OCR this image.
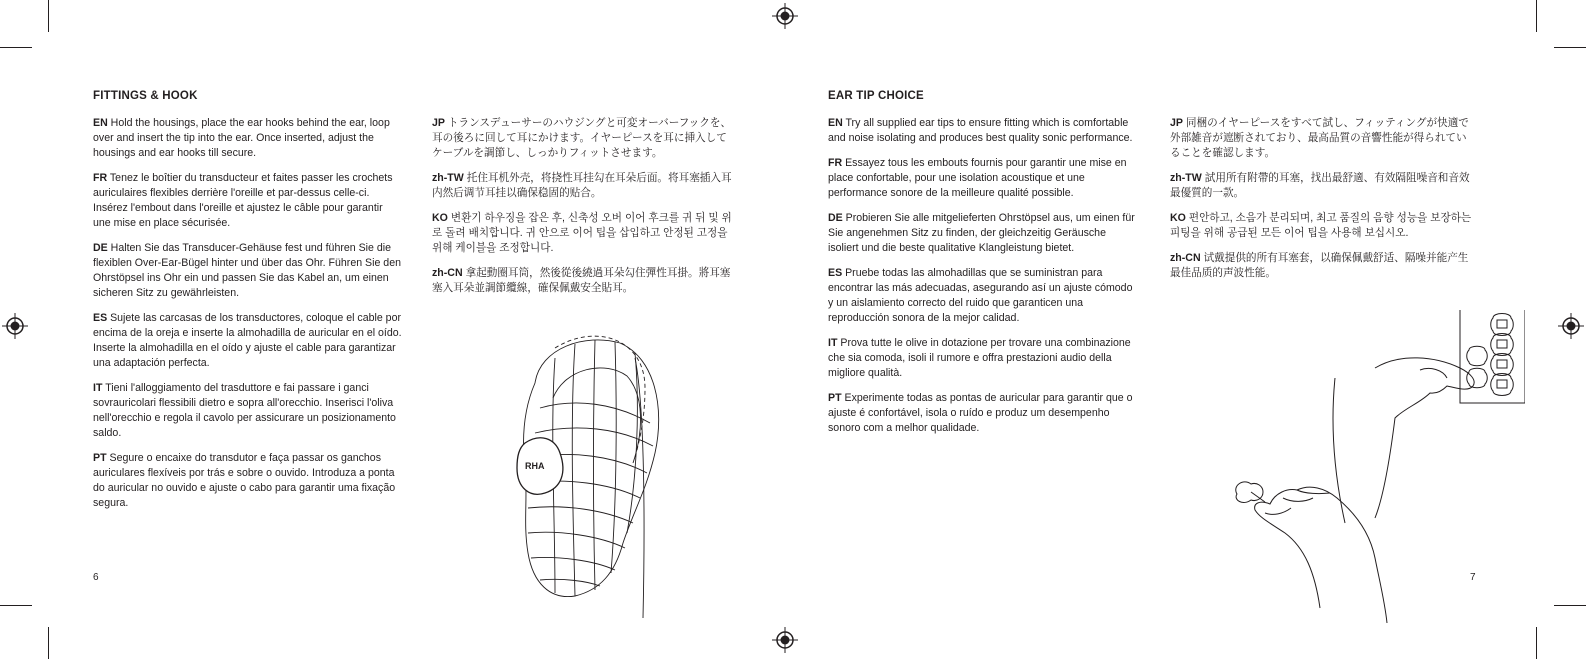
FITTINGS & HOOK

EN Hold the housings, place the ear hooks behind the ear, loop over and insert the tip into the ear. Once inserted, adjust the housings and ear hooks till secure.

FR Tenez le boîtier du transducteur et faites passer les crochets auriculaires flexibles derrière l'oreille et par-dessus celle-ci. Insérez l'embout dans l'oreille et ajustez le câble pour garantir une mise en place sécurisée.

DE Halten Sie das Transducer-Gehäuse fest und führen Sie die flexiblen Over-Ear-Bügel hinter und über das Ohr. Führen Sie den Ohrstöpsel ins Ohr ein und passen Sie das Kabel an, um einen sicheren Sitz zu gewährleisten.

ES Sujete las carcasas de los transductores, coloque el cable por encima de la oreja e inserte la almohadilla de auricular en el oído. Inserte la almohadilla en el oído y ajuste el cable para garantizar una adaptación perfecta.

IT Tieni l'alloggiamento del trasduttore e fai passare i ganci sovrauricolari flessibili dietro e sopra all'orecchio. Inserisci l'oliva nell'orecchio e regola il cavolo per assicurare un posizionamento saldo.

PT Segure o encaixe do transdutor e faça passar os ganchos auriculares flexíveis por trás e sobre o ouvido. Introduza a ponta do auricular no ouvido e ajuste o cabo para garantir uma fixação segura.

JP トランスデューサーのハウジングと可変オーバーフックを、耳の後ろに回して耳にかけます。イヤーピースを耳に挿入してケーブルを調節し、しっかりフィットさせます。

zh-TW 托住耳机外壳，将挠性耳挂勾在耳朵后面。将耳塞插入耳内然后调节耳挂以确保稳固的贴合。

KO 변환기 하우징을 잡은 후, 신축성 오버 이어 후크를 귀 뒤 및 위로 돌려 배치합니다. 귀 안으로 이어 팁을 삽입하고 안정된 고정을 위해 케이블을 조정합니다.

zh-CN 拿起動圈耳筒，然後從後繞過耳朵勾住彈性耳掛。將耳塞塞入耳朵並調節纜線，確保佩戴安全貼耳。

RHA
6
EAR TIP CHOICE

EN Try all supplied ear tips to ensure fitting which is comfortable and noise isolating and produces best quality sonic performance.

FR Essayez tous les embouts fournis pour garantir une mise en place confortable, pour une isolation acoustique et une performance sonore de la meilleure qualité possible.

DE Probieren Sie alle mitgelieferten Ohrstöpsel aus, um einen für Sie angenehmen Sitz zu finden, der gleichzeitig Geräusche isoliert und die beste qualitative Klangleistung bietet.

ES Pruebe todas las almohadillas que se suministran para encontrar las más adecuadas, asegurando así un ajuste cómodo y un aislamiento correcto del ruido que garanticen una reproducción sonora de la mejor calidad.

IT Prova tutte le olive in dotazione per trovare una combinazione che sia comoda, isoli il rumore e offra prestazioni audio della migliore qualità.

PT Experimente todas as pontas de auricular para garantir que o ajuste é confortável, isola o ruído e produz um desempenho sonoro com a melhor qualidade.

JP 同梱のイヤーピースをすべて試し、フィッティングが快適で外部雑音が遮断されており、最高品質の音響性能が得られていることを確認します。

zh-TW 試用所有附帶的耳塞，找出最舒適、有效隔阻噪音和音效最優質的一款。

KO 편안하고, 소음가 분리되며, 최고 품질의 음향 성능을 보장하는 피팅을 위해 공급된 모든 이어 팁을 사용해 보십시오.

zh-CN 试戴提供的所有耳塞套，以确保佩戴舒适、隔噪并能产生最佳品质的声波性能。

7
